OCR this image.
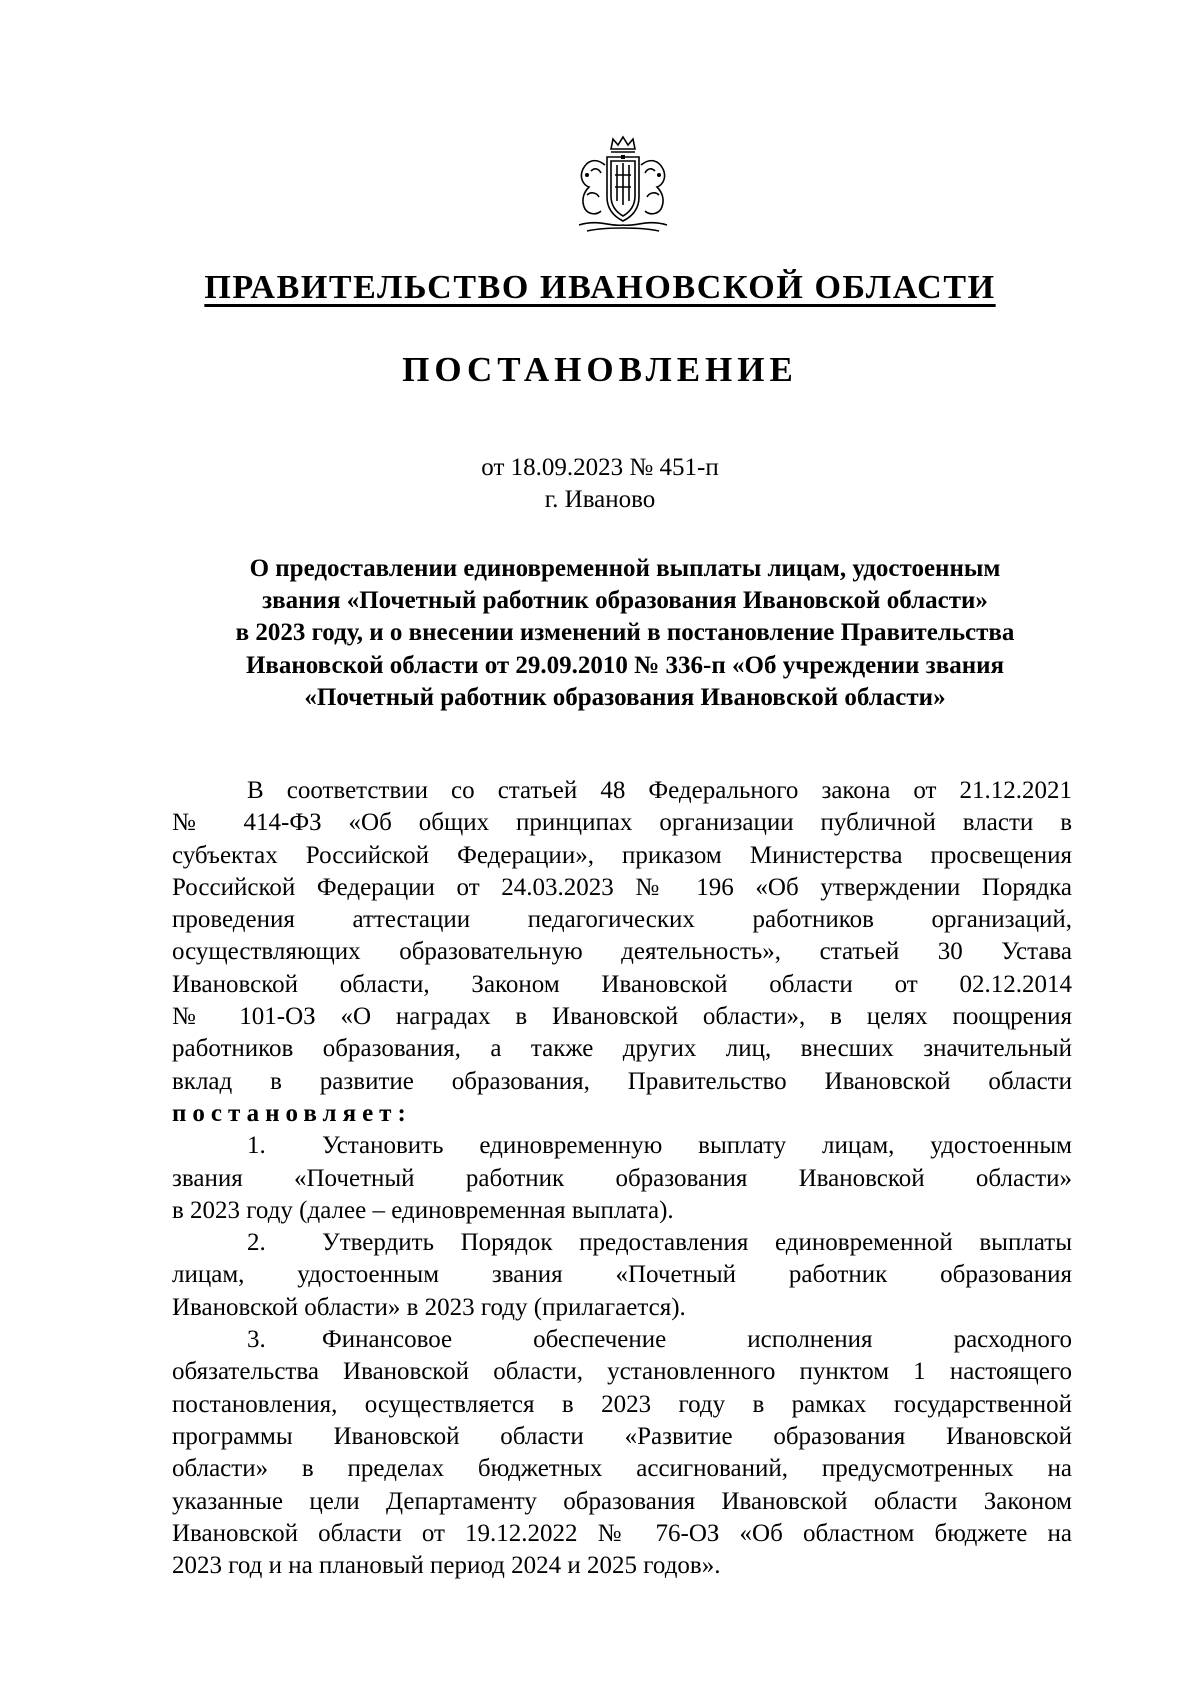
ПРАВИТЕЛЬСТВО ИВАНОВСКОЙ ОБЛАСТИ
ПОСТАНОВЛЕНИЕ
от 18.09.2023 № 451-п
г. Иваново
О предоставлении единовременной выплаты лицам, удостоенным
звания «Почетный работник образования Ивановской области»
в 2023 году, и о внесении изменений в постановление Правительства
Ивановской области от 29.09.2010 № 336-п «Об учреждении звания
«Почетный работник образования Ивановской области»
В соответствии со статьей 48 Федерального закона от 21.12.2021
№ 414-ФЗ «Об общих принципах организации публичной власти в
субъектах Российской Федерации», приказом Министерства просвещения
Российской Федерации от 24.03.2023 № 196 «Об утверждении Порядка
проведения аттестации педагогических работников организаций,
осуществляющих образовательную деятельность», статьей 30 Устава
Ивановской области, Законом Ивановской области от 02.12.2014
№ 101-ОЗ «О наградах в Ивановской области», в целях поощрения
работников образования, а также других лиц, внесших значительный
вклад в развитие образования, Правительство Ивановской области
постановляет:
1. Установить единовременную выплату лицам, удостоенным
звания «Почетный работник образования Ивановской области»
в 2023 году (далее – единовременная выплата).
2. Утвердить Порядок предоставления единовременной выплаты
лицам, удостоенным звания «Почетный работник образования
Ивановской области» в 2023 году (прилагается).
3. Финансовое обеспечение исполнения расходного
обязательства Ивановской области, установленного пунктом 1 настоящего
постановления, осуществляется в 2023 году в рамках государственной
программы Ивановской области «Развитие образования Ивановской
области» в пределах бюджетных ассигнований, предусмотренных на
указанные цели Департаменту образования Ивановской области Законом
Ивановской области от 19.12.2022 № 76-ОЗ «Об областном бюджете на
2023 год и на плановый период 2024 и 2025 годов».
